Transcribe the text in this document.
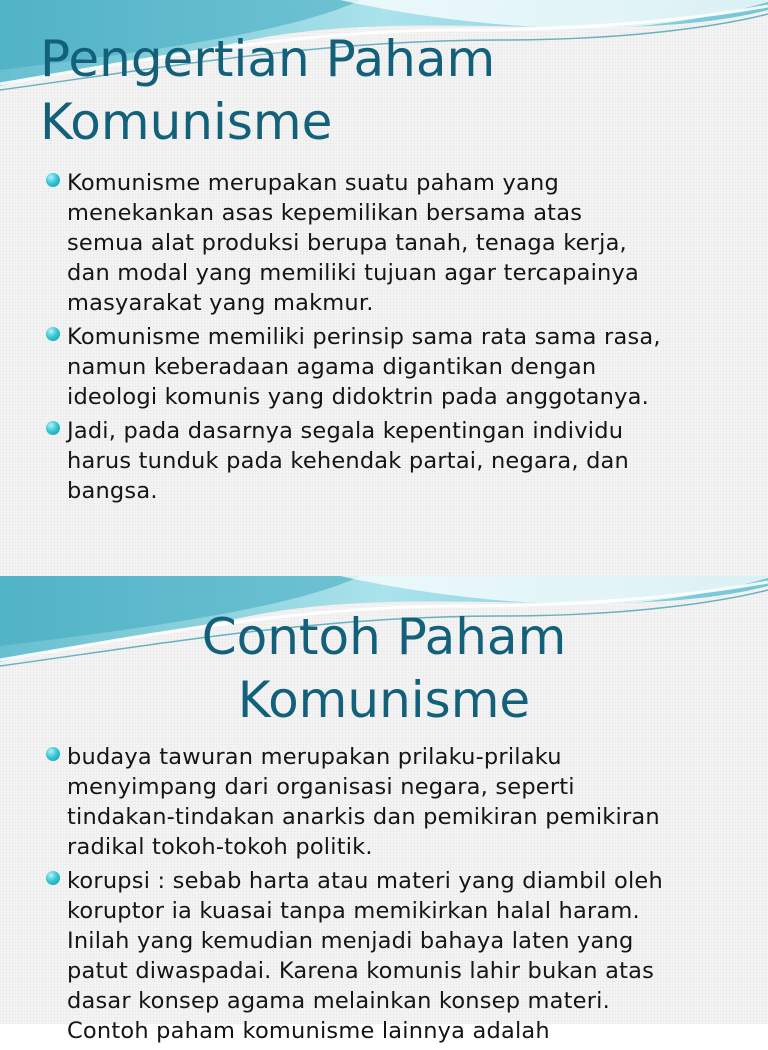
Pengertian Paham
Komunisme
Komunisme merupakan suatu paham yang
menekankan asas kepemilikan bersama atas
semua alat produksi berupa tanah, tenaga kerja,
dan modal yang memiliki tujuan agar tercapainya
masyarakat yang makmur.
Komunisme memiliki perinsip sama rata sama rasa,
namun keberadaan agama digantikan dengan
ideologi komunis yang didoktrin pada anggotanya.
Jadi, pada dasarnya segala kepentingan individu
harus tunduk pada kehendak partai, negara, dan
bangsa.
Contoh Paham
Komunisme
budaya tawuran merupakan prilaku-prilaku
menyimpang dari organisasi negara, seperti
tindakan-tindakan anarkis dan pemikiran pemikiran
radikal tokoh-tokoh politik.
korupsi : sebab harta atau materi yang diambil oleh
koruptor ia kuasai tanpa memikirkan halal haram.
Inilah yang kemudian menjadi bahaya laten yang
patut diwaspadai. Karena komunis lahir bukan atas
dasar konsep agama melainkan konsep materi.
Contoh paham komunisme lainnya adalah
